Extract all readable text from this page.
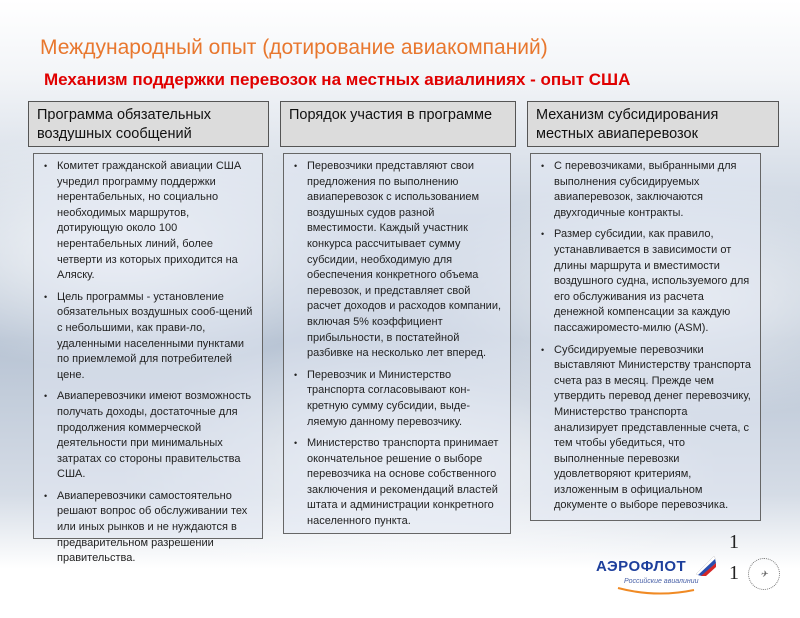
Международный опыт (дотирование авиакомпаний)
Механизм поддержки перевозок на местных авиалиниях - опыт США
Программа обязательных воздушных сообщений
Порядок участия в программе	Механизм субсидирования местных авиаперевозок
• Комитет гражданской авиации США учредил программу поддержки нерентабельных, но социально необходимых маршрутов, дотирующую около 100 нерентабельных линий, более четверти из которых приходится на Аляску.
• Цель программы - установление обязательных воздушных сооб-щений с небольшими, как прави-ло, удаленными населенными пунктами по приемлемой для потребителей цене.
• Авиаперевозчики имеют возможность получать доходы, достаточные для продолжения коммерческой деятельности при минимальных затратах со стороны правительства США.
• Авиаперевозчики самостоятельно решают вопрос об обслуживании тех или иных рынков и не нуждаются в предварительном разрешении правительства.
• Перевозчики представляют свои предложения по выполнению авиаперевозок с использованием воздушных судов разной вместимости. Каждый участник конкурса рассчитывает сумму субсидии, необходимую для обеспечения конкретного объема перевозок, и представляет свой расчет доходов и расходов компании, включая 5% коэффициент прибыльности, в постатейной разбивке на несколько лет вперед.
• Перевозчик и Министерство транспорта согласовывают кон-кретную сумму субсидии, выде-ляемую данному перевозчику.
• Министерство транспорта принимает окончательное решение о выборе перевозчика на основе собственного заключения и рекомендаций властей штата и администрации конкретного населенного пункта.
• С перевозчиками, выбранными для выполнения субсидируемых авиаперевозок, заключаются двухгодичные контракты.
• Размер субсидии, как правило, устанавливается в зависимости от длины маршрута и вместимости воздушного судна, используемого для его обслуживания из расчета денежной компенсации за каждую пассажироместо-милю (ASM).
• Субсидируемые перевозчики выставляют Министерству транспорта счета раз в месяц. Прежде чем утвердить перевод денег перевозчику, Министерство транспорта анализирует представленные счета, с тем чтобы убедиться, что выполненные перевозки удовлетворяют критериям, изложенным в официальном документе о выборе перевозчика.
АЭРОФЛОТ
Российские авиалинии
1
1	✈
